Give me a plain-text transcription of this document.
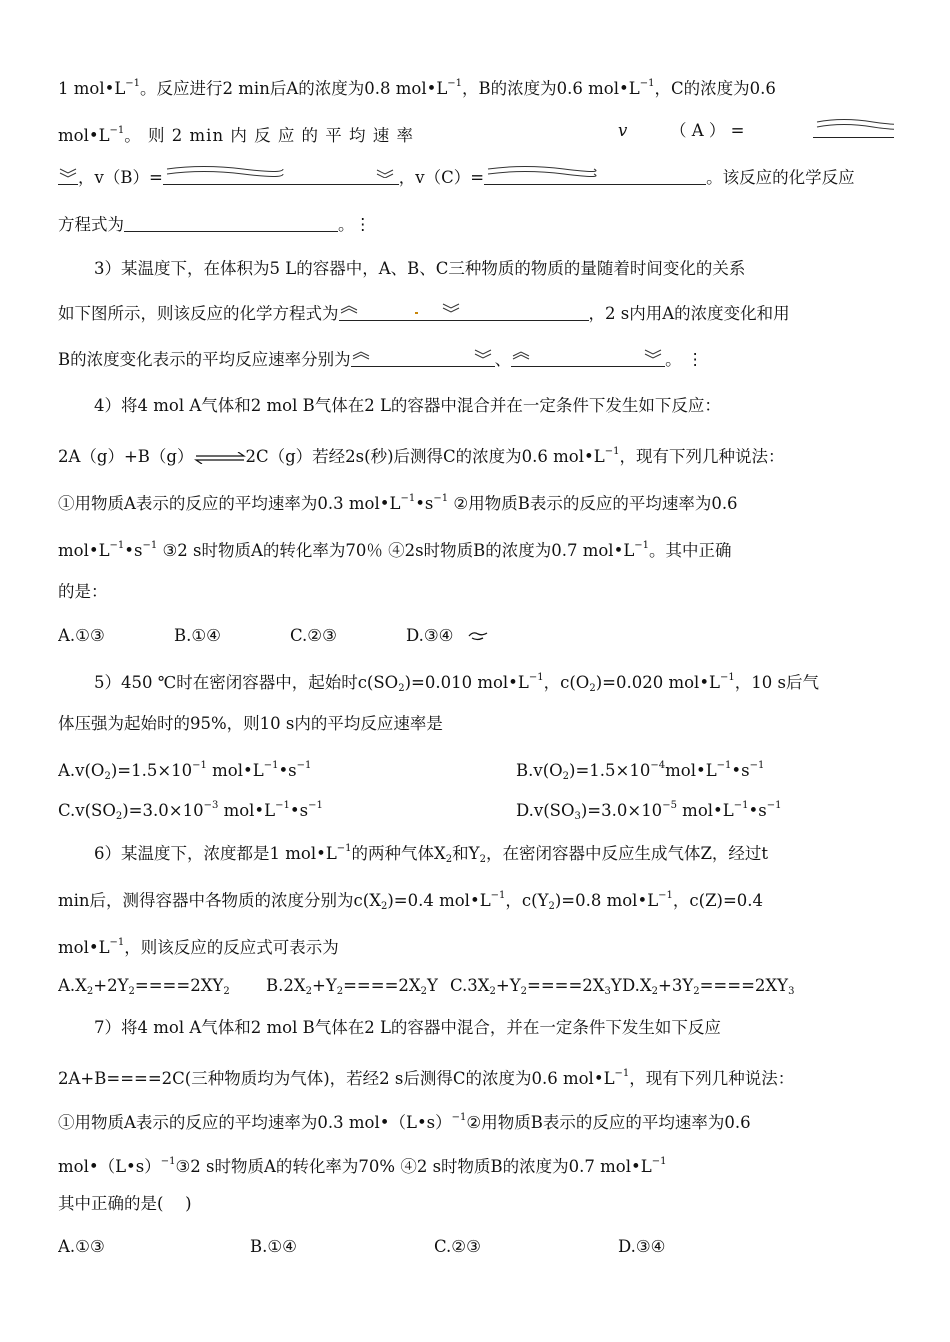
1 $mol•L^{-1}$。反应进行2 min后A的浓度为0.8 $mol•L^{-1}$，B的浓度为0.6 $mol•L^{-1}$，C的浓度为0.6
$mol•L^{-1}$。 则 2 min 内 反 应 的 平 均 速 率	v	（ A ） =
，v（B）=	，v（C）=	。该反应的化学反应
方程式为	。⋮
3）某温度下，在体积为5 L的容器中，A、B、C三种物质的物质的量随着时间变化的关系
如下图所示，则该反应的化学方程式为	，2 s内用A的浓度变化和用
B的浓度变化表示的平均反应速率分别为	、	。 ⋮
4）将4 mol A气体和2 mol B气体在2 L的容器中混合并在一定条件下发生如下反应：
2A（g）+B（g）⇌2C（g）若经2s(秒)后测得C的浓度为0.6 $mol•L^{-1}$，现有下列几种说法：
①用物质A表示的反应的平均速率为0.3 $mol•L^{-1}•s^{-1}$ ②用物质B表示的反应的平均速率为0.6
$mol•L^{-1}•s^{-1}$ ③2 s时物质A的转化率为70％ ④2s时物质B的浓度为0.7 $mol•L^{-1}$。其中正确
的是：
A.①③	B.①④	C.②③	D.③④
5）450 ℃时在密闭容器中，起始时$c(SO_2)=0.010$ $mol•L^{-1}$，$c(O_2)=0.020$ $mol•L^{-1}$，10 s后气
体压强为起始时的95%，则10 s内的平均反应速率是
$A.v(O_2)=1.5\times 10^{-1}$ $mol•L^{-1}•s^{-1}$	$B.v(O_2)=1.5\times 10^{-4}mol•L^{-1}•s^{-1}$
$C.v(SO_2)=3.0\times 10^{-3}$ $mol•L^{-1}•s^{-1}$	$D.v(SO_3)=3.0\times 10^{-5}$ $mol•L^{-1}•s^{-1}$
6）某温度下，浓度都是1 $mol•L^{-1}$的两种气体$X_2$和$Y_2$，在密闭容器中反应生成气体Z，经过t
min后，测得容器中各物质的浓度分别为$c(X_2)=0.4$ $mol•L^{-1}$，$c(Y_2)=0.8$ $mol•L^{-1}$，c(Z)=0.4
$mol•L^{-1}$，则该反应的反应式可表示为
$A.X_2+2Y_2====2XY_2$ $B.2X_2+Y_2====2X_2Y$ $C.3X_2+Y_2====2X_3Y$ $D.X_2+3Y_2====2XY_3$
7）将4 mol A气体和2 mol B气体在2 L的容器中混合，并在一定条件下发生如下反应
2A+B====2C(三种物质均为气体)，若经2 s后测得C的浓度为0.6 $mol•L^{-1}$，现有下列几种说法：
①用物质A表示的反应的平均速率为0.3 mol•（L•s）$^{-1}$②用物质B表示的反应的平均速率为0.6
mol•（L•s）$^{-1}$③2 s时物质A的转化率为70% ④2 s时物质B的浓度为0.7 $mol•L^{-1}$
其中正确的是(　 )
A.①③	B.①④	C.②③	D.③④
